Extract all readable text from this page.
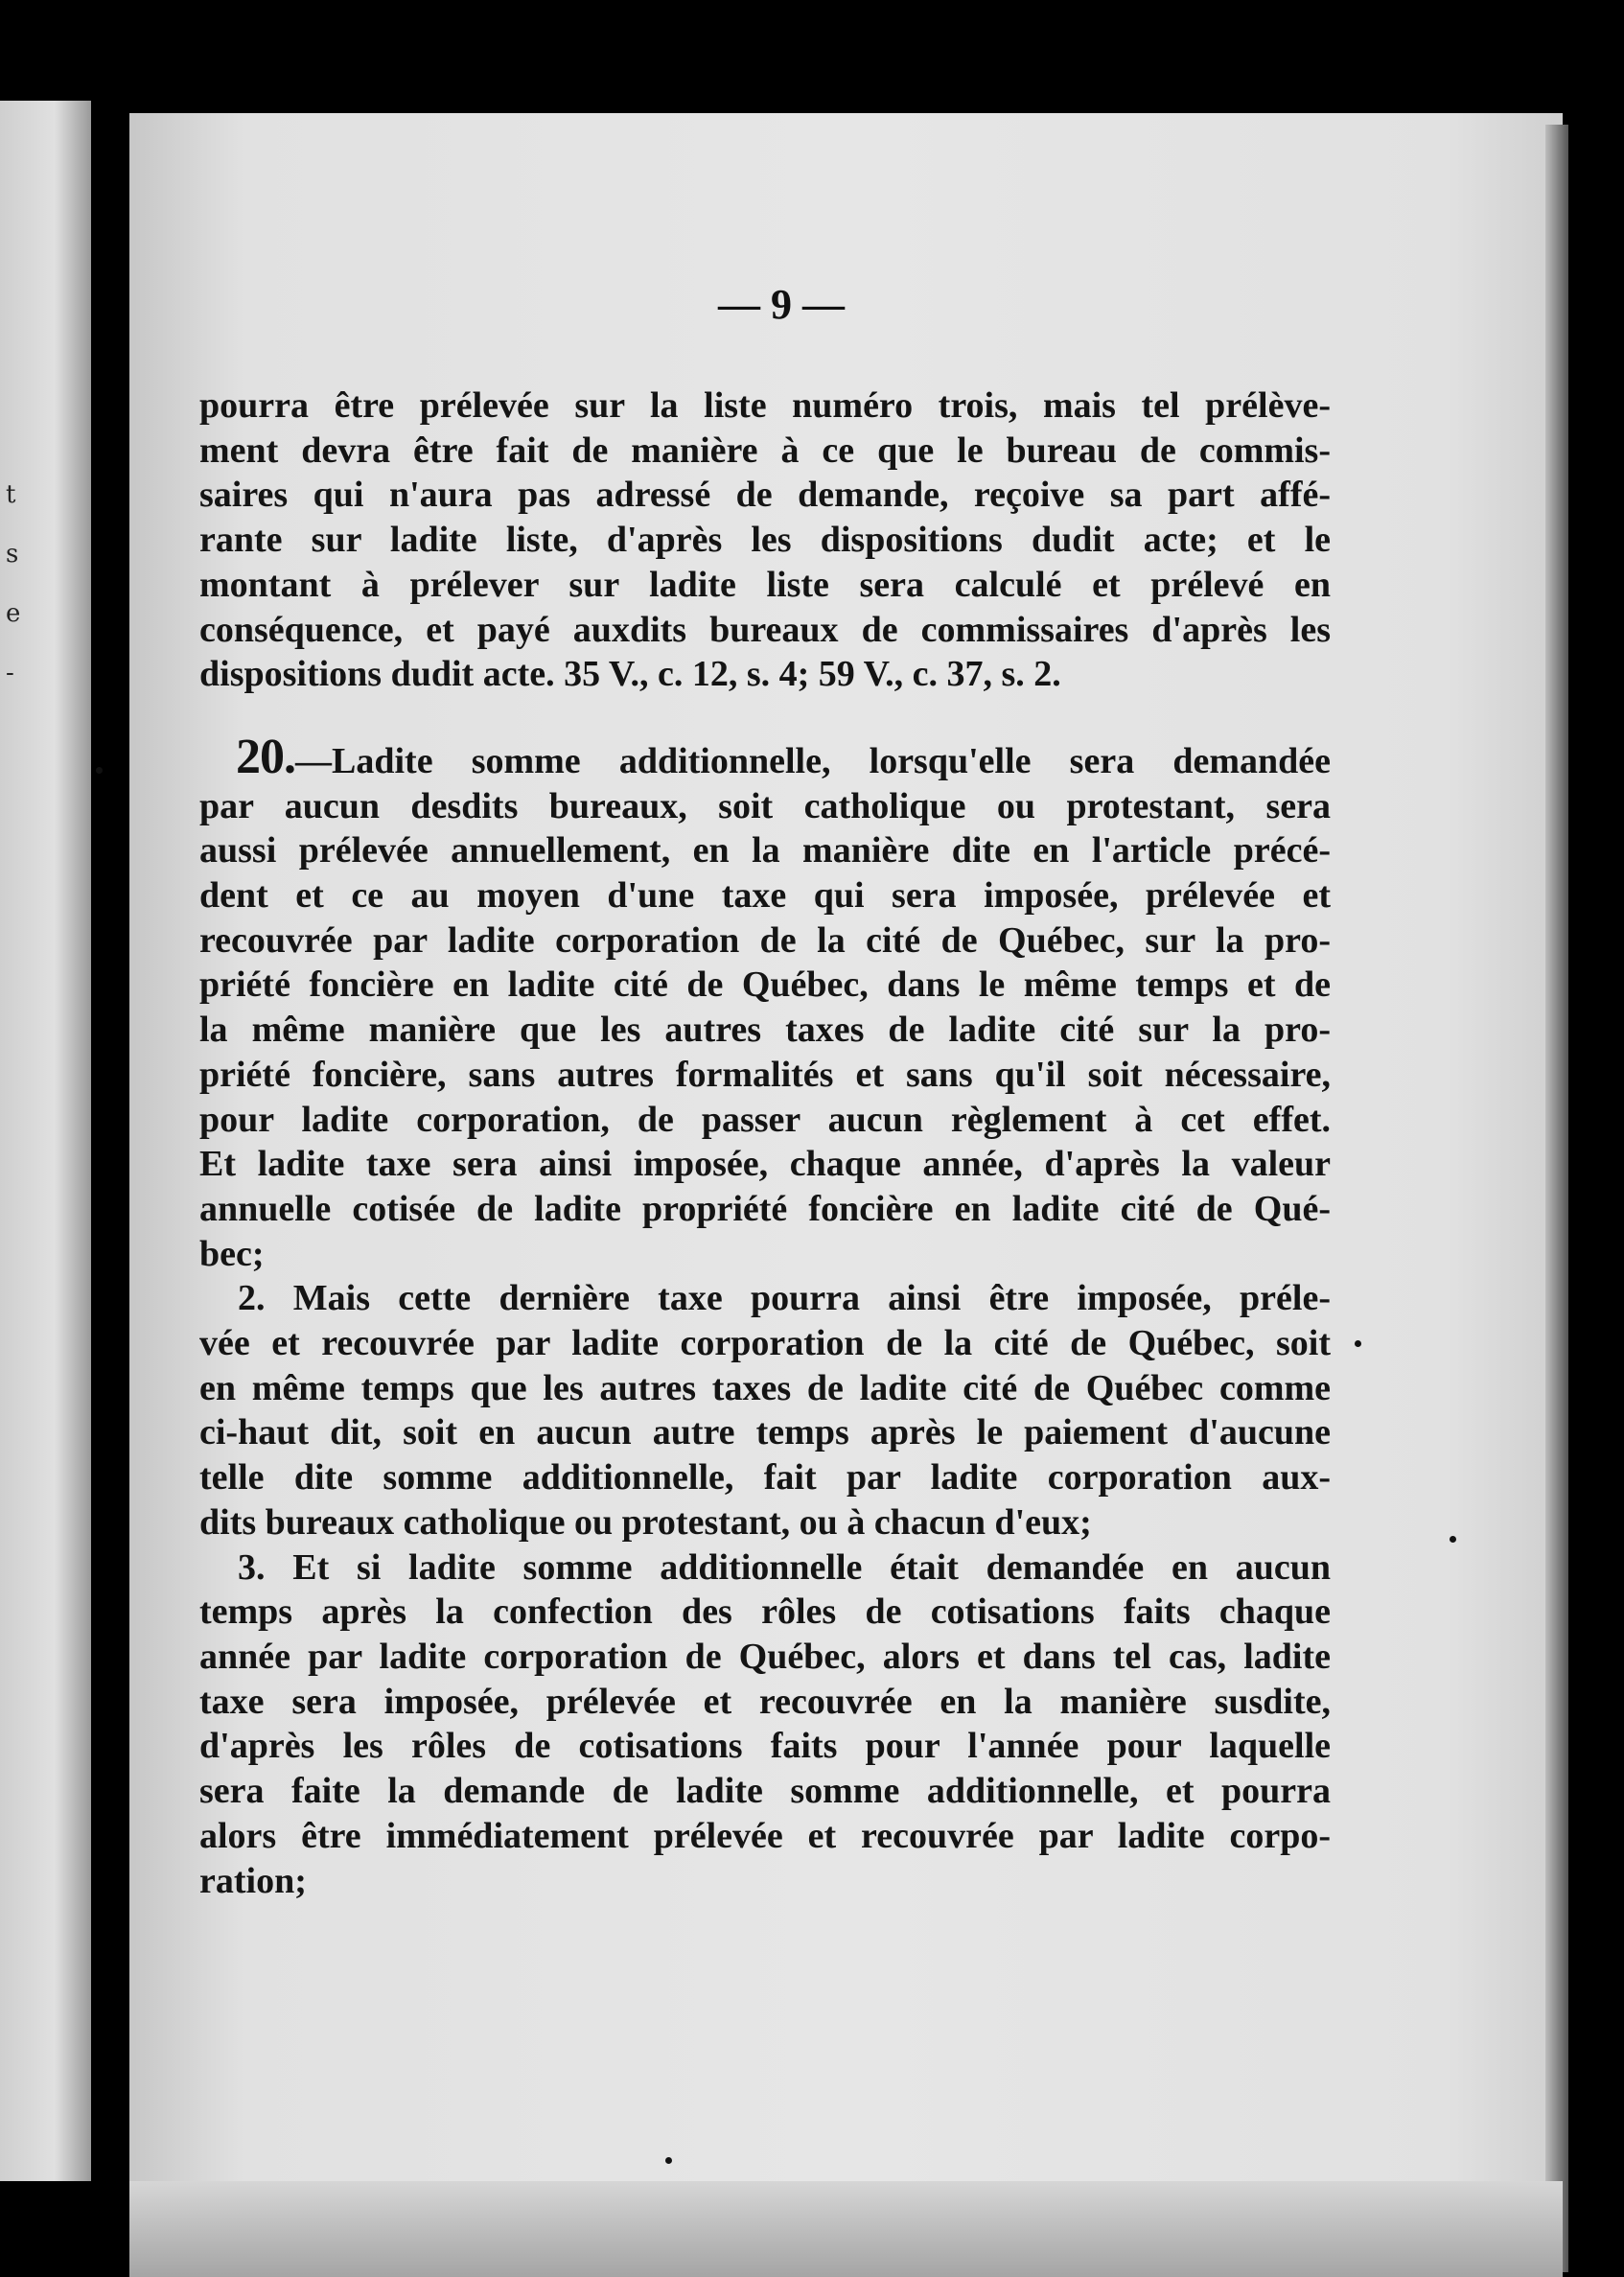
t
s
e
-
— 9 —
pourra être prélevée sur la liste numéro trois, mais tel prélève-
ment devra être fait de manière à ce que le bureau de commis-
saires qui n'aura pas adressé de demande, reçoive sa part affé-
rante sur ladite liste, d'après les dispositions dudit acte; et le
montant à prélever sur ladite liste sera calculé et prélevé en
conséquence, et payé auxdits bureaux de commissaires d'après les
dispositions dudit acte. 35 V., c. 12, s. 4; 59 V., c. 37, s. 2.
20.—Ladite somme additionnelle, lorsqu'elle sera demandée
par aucun desdits bureaux, soit catholique ou protestant, sera
aussi prélevée annuellement, en la manière dite en l'article précé-
dent et ce au moyen d'une taxe qui sera imposée, prélevée et
recouvrée par ladite corporation de la cité de Québec, sur la pro-
priété foncière en ladite cité de Québec, dans le même temps et de
la même manière que les autres taxes de ladite cité sur la pro-
priété foncière, sans autres formalités et sans qu'il soit nécessaire,
pour ladite corporation, de passer aucun règlement à cet effet.
Et ladite taxe sera ainsi imposée, chaque année, d'après la valeur
annuelle cotisée de ladite propriété foncière en ladite cité de Qué-
bec;
2. Mais cette dernière taxe pourra ainsi être imposée, préle-
vée et recouvrée par ladite corporation de la cité de Québec, soit
en même temps que les autres taxes de ladite cité de Québec comme
ci-haut dit, soit en aucun autre temps après le paiement d'aucune
telle dite somme additionnelle, fait par ladite corporation aux-
dits bureaux catholique ou protestant, ou à chacun d'eux;
3. Et si ladite somme additionnelle était demandée en aucun
temps après la confection des rôles de cotisations faits chaque
année par ladite corporation de Québec, alors et dans tel cas, ladite
taxe sera imposée, prélevée et recouvrée en la manière susdite,
d'après les rôles de cotisations faits pour l'année pour laquelle
sera faite la demande de ladite somme additionnelle, et pourra
alors être immédiatement prélevée et recouvrée par ladite corpo-
ration;
